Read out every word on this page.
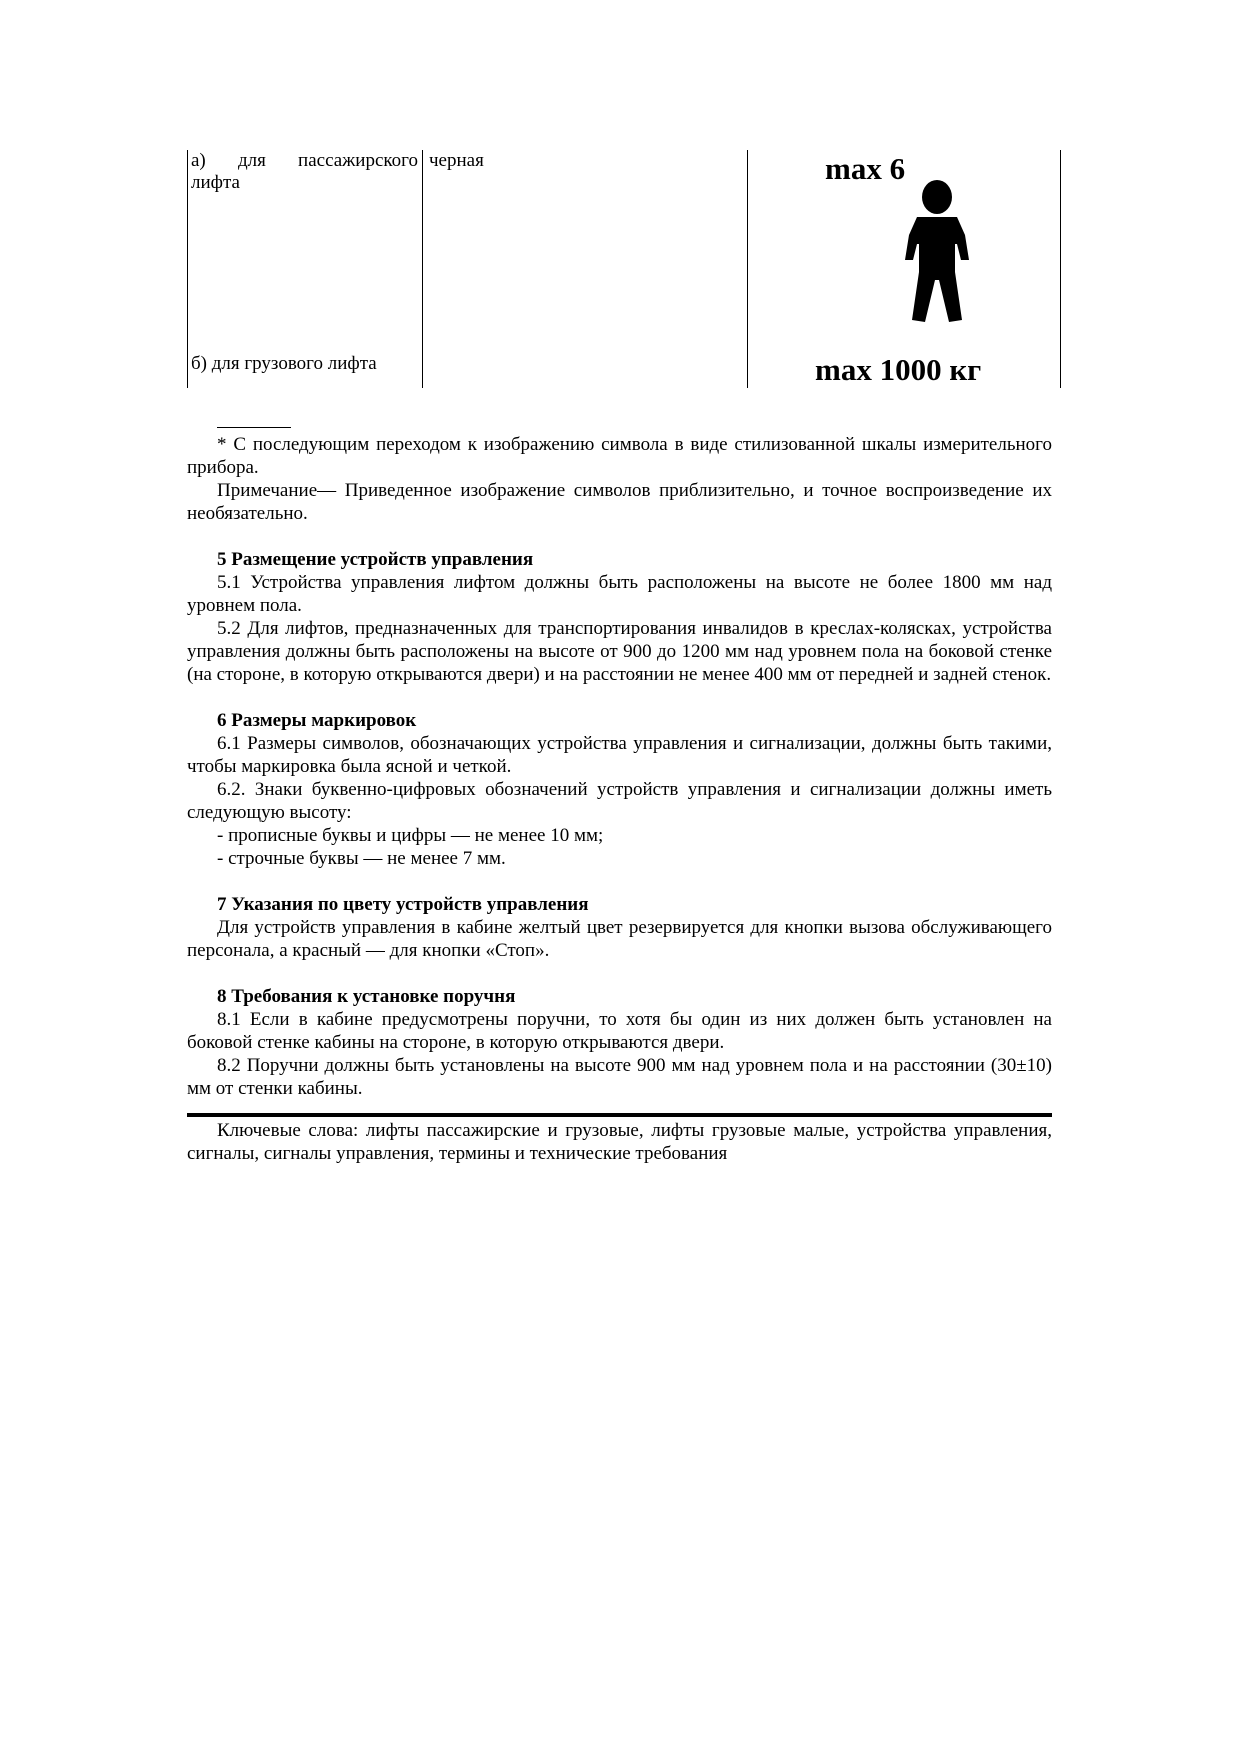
а) для пассажирского
лифта
б) для грузового лифта
черная	max 6
max 1000 кг

* С последующим переходом к изображению символа в виде стилизованной шкалы измерительного прибора.

Примечание— Приведенное изображение символов приблизительно, и точное воспроизведение их необязательно.

5 Размещение устройств управления

5.1 Устройства управления лифтом должны быть расположены на высоте не более 1800 мм над уровнем пола.

5.2 Для лифтов, предназначенных для транспортирования инвалидов в креслах-колясках, устройства управления должны быть расположены на высоте от 900 до 1200 мм над уровнем пола на боковой стенке (на стороне, в которую открываются двери) и на расстоянии не менее 400 мм от передней и задней стенок.

6 Размеры маркировок

6.1 Размеры символов, обозначающих устройства управления и сигнализации, должны быть такими, чтобы маркировка была ясной и четкой.

6.2. Знаки буквенно-цифровых обозначений устройств управления и сигнализации должны иметь следующую высоту:

- прописные буквы и цифры — не менее 10 мм;

- строчные буквы — не менее 7 мм.

7 Указания по цвету устройств управления

Для устройств управления в кабине желтый цвет резервируется для кнопки вызова обслуживающего персонала, а красный — для кнопки «Стоп».

8 Требования к установке поручня

8.1 Если в кабине предусмотрены поручни, то хотя бы один из них должен быть установлен на боковой стенке кабины на стороне, в которую открываются двери.

8.2 Поручни должны быть установлены на высоте 900 мм над уровнем пола и на расстоянии (30±10) мм от стенки кабины.

Ключевые слова: лифты пассажирские и грузовые, лифты грузовые малые, устройства управления, сигналы, сигналы управления, термины и технические требования
